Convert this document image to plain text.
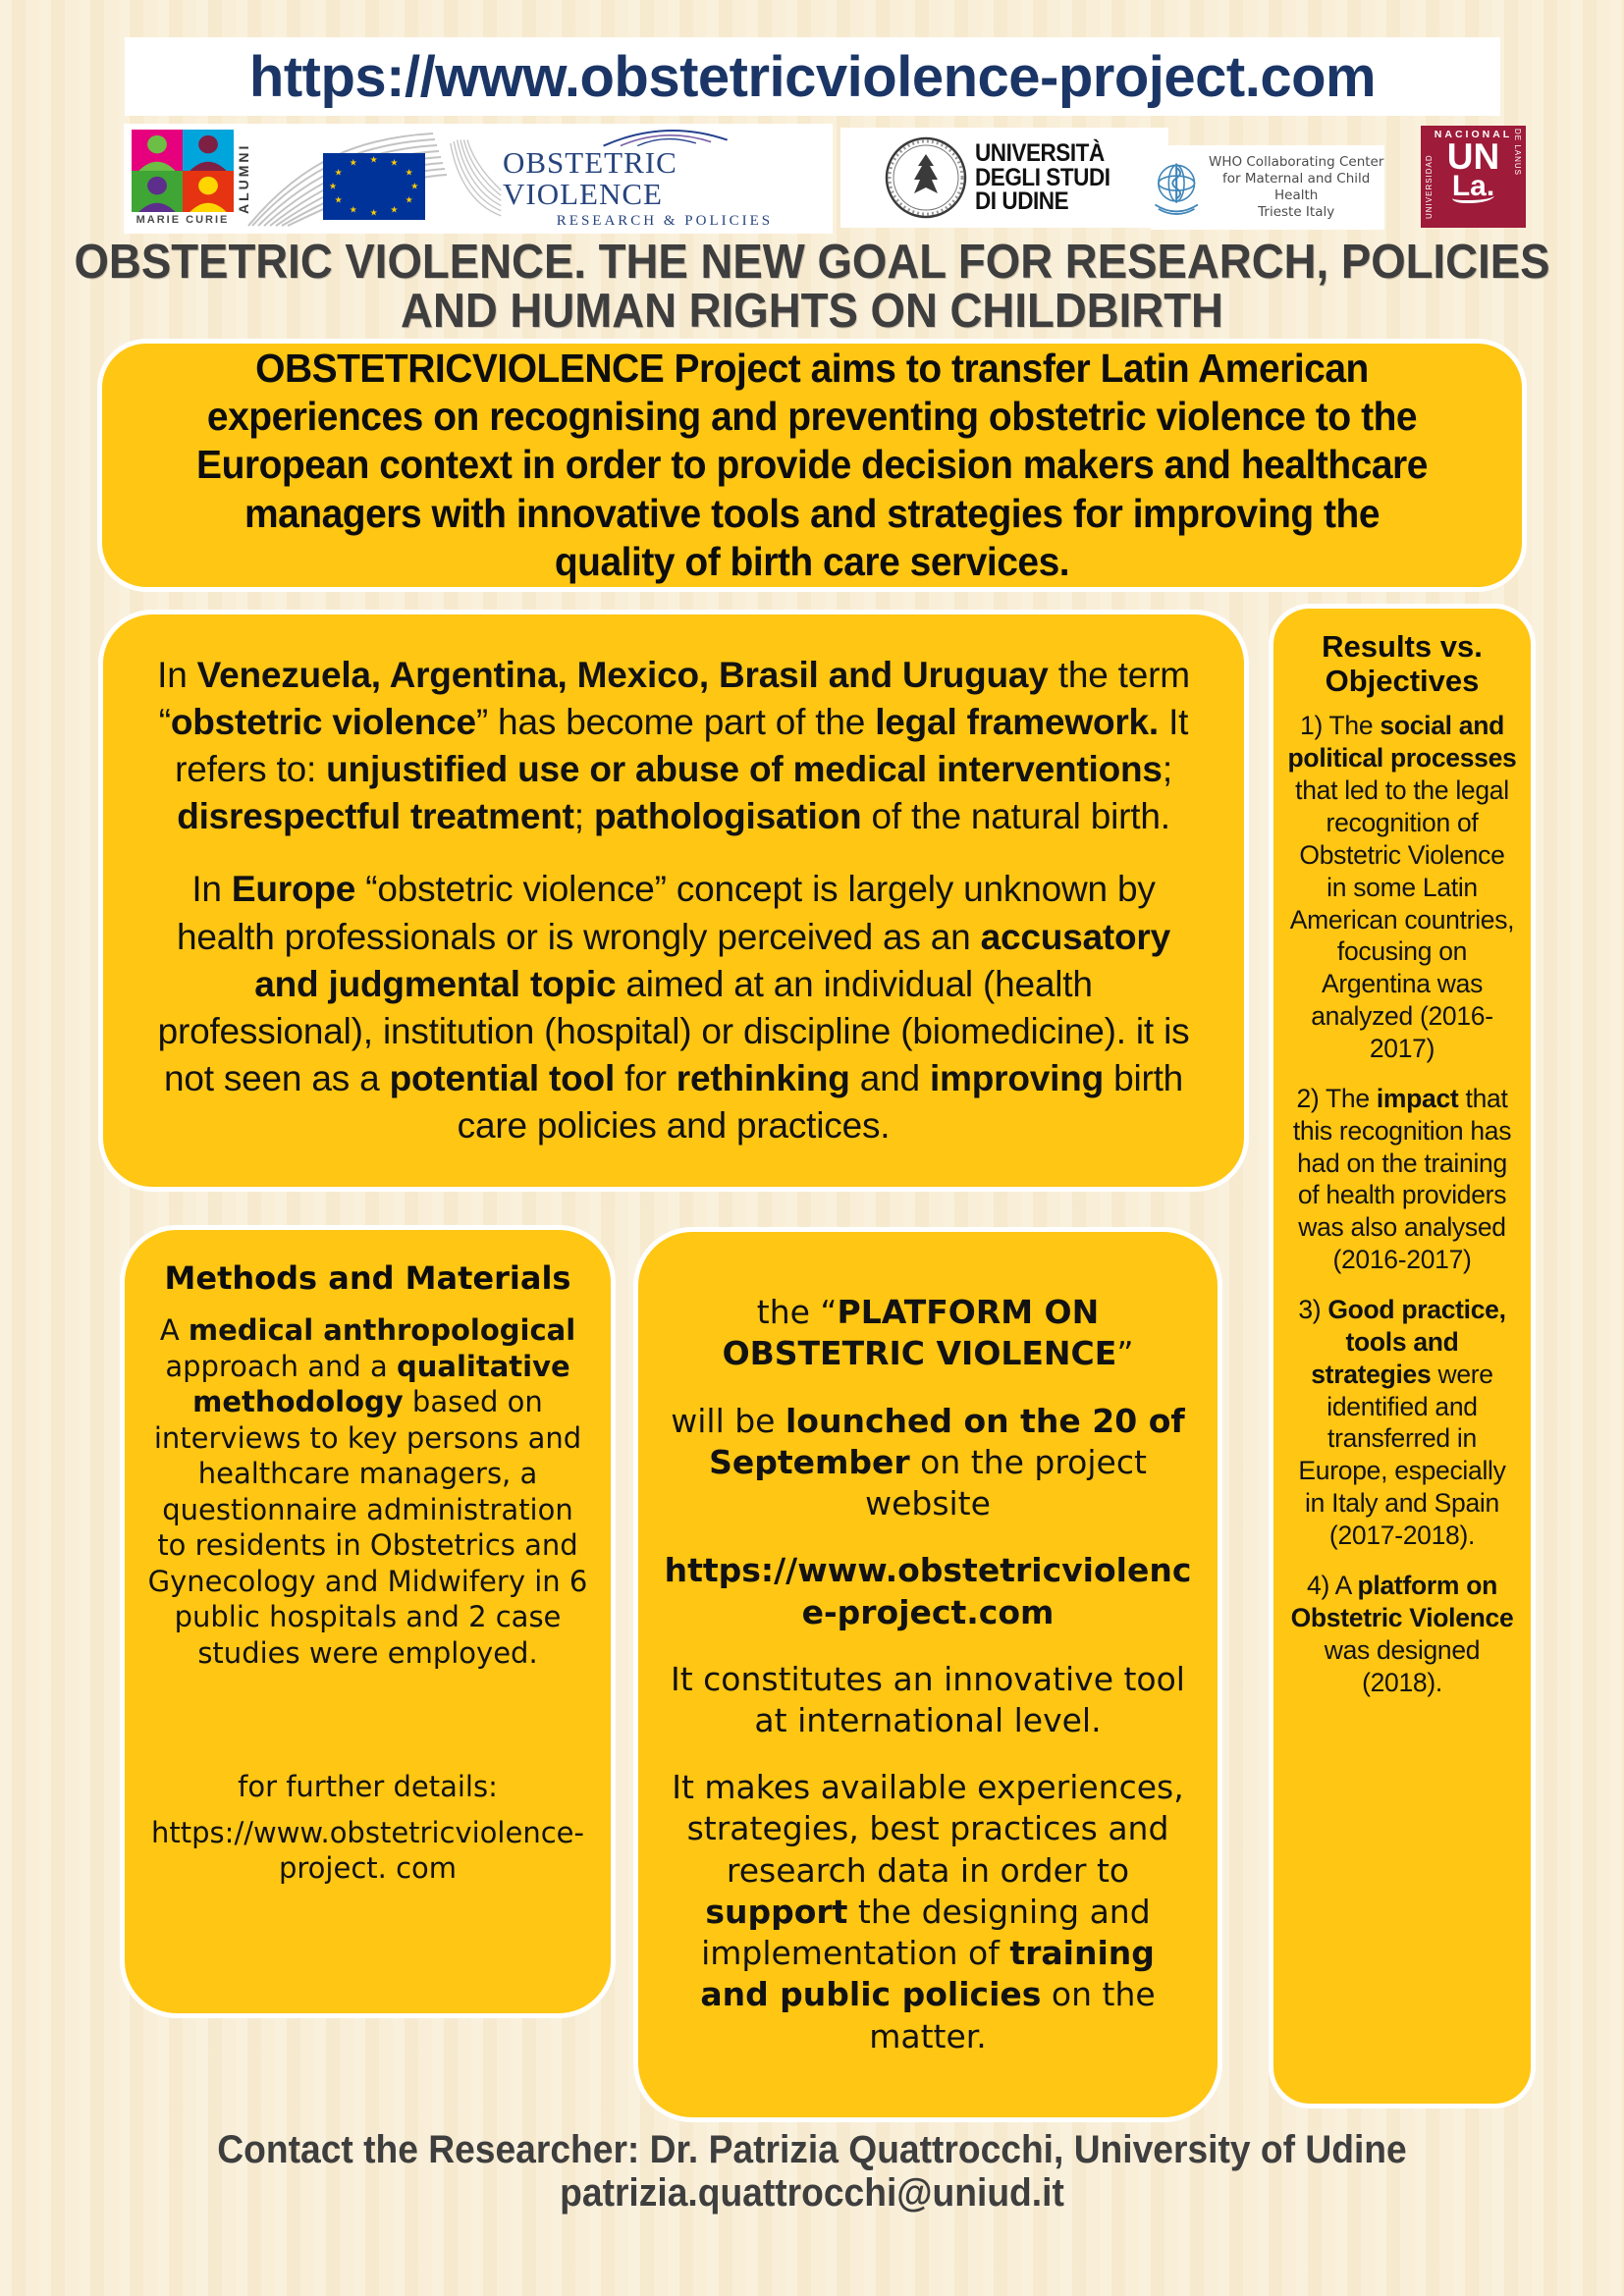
https://www.obstetricviolence-project.com
MARIE CURIE
ALUMNI	★ ★
★
★
★
★
★
★
★
★
★
★	OBSTETRIC VIOLENCE
RESEARCH & POLICIES
UNIVERSITÀ
DEGLI STUDI
DI UDINE
WHO Collaborating Center
for Maternal and Child Health
Trieste Italy	UNIVERSIDAD
NACIONAL
UN
La.
DE LANUS
OBSTETRIC VIOLENCE. THE NEW GOAL FOR RESEARCH, POLICIES
AND HUMAN RIGHTS ON CHILDBIRTH
OBSTETRICVIOLENCE Project aims to transfer Latin American experiences on recognising and preventing obstetric violence to the European context in order to provide decision makers and healthcare managers with innovative tools and strategies for improving the quality of birth care services.

In Venezuela, Argentina, Mexico, Brasil and Uruguay the term “obstetric violence” has become part of the legal framework. It refers to: unjustified use or abuse of medical interventions; disrespectful treatment; pathologisation of the natural birth.

In Europe “obstetric violence” concept is largely unknown by health professionals or is wrongly perceived as an accusatory and judgmental topic aimed at an individual (health professional), institution (hospital) or discipline (biomedicine). it is not seen as a potential tool for rethinking and improving birth care policies and practices.

Results vs. Objectives

1) The social and political processes that led to the legal recognition of Obstetric Violence in some Latin American countries, focusing on Argentina was analyzed (2016-2017)

2) The impact that this recognition has had on the training of health providers was also analysed (2016-2017)

3) Good practice, tools and strategies were identified and transferred in Europe, especially in Italy and Spain (2017-2018).

4) A platform on Obstetric Violence was designed (2018).

Methods and Materials

A medical anthropological approach and a qualitative methodology based on interviews to key persons and healthcare managers, a questionnaire administration to residents in Obstetrics and Gynecology and Midwifery in 6 public hospitals and 2 case studies were employed.

for further details:

https://www.obstetricviolence-project. com

the “PLATFORM ON OBSTETRIC VIOLENCE”

will be lounched on the 20 of September on the project website

https://www.obstetricviolence-project.com

It constitutes an innovative tool at international level.

It makes available experiences, strategies, best practices and research data in order to support the designing and implementation of training and public policies on the matter.

Contact the Researcher: Dr. Patrizia Quattrocchi, University of Udine
patrizia.quattrocchi@uniud.it
